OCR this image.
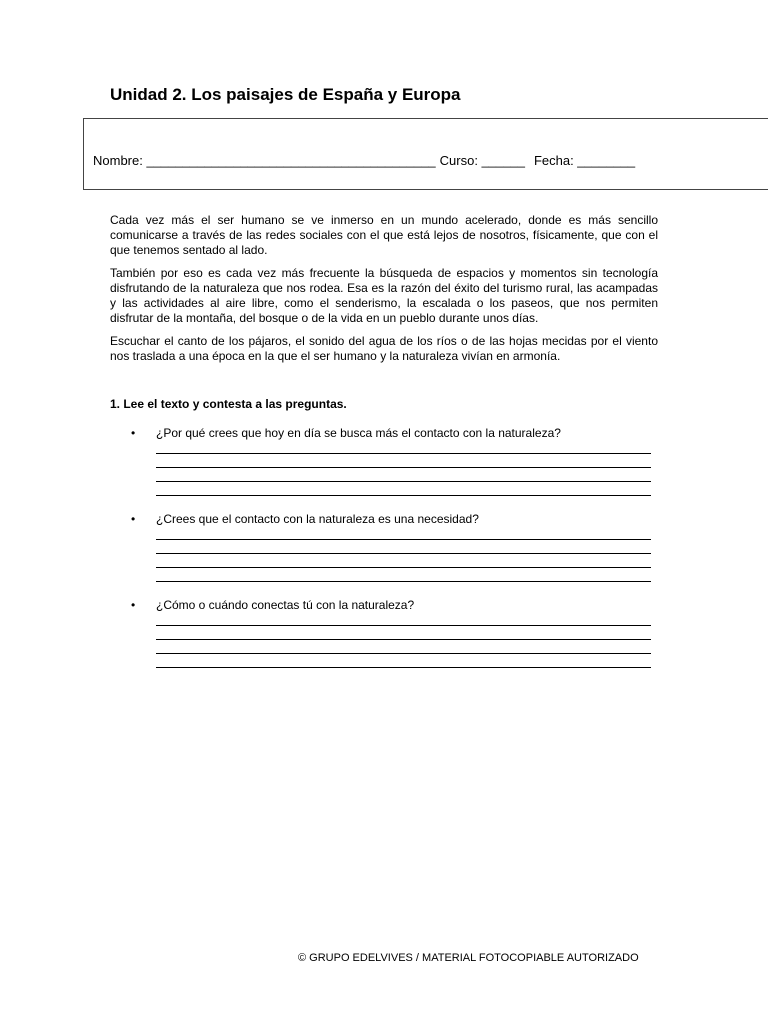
Unidad 2. Los paisajes de España y Europa
Nombre: ________________________________________ Curso: ______ Fecha: ________

Cada vez más el ser humano se ve inmerso en un mundo acelerado, donde es más sencillo comunicarse a través de las redes sociales con el que está lejos de nosotros, físicamente, que con el que tenemos sentado al lado.

También por eso es cada vez más frecuente la búsqueda de espacios y momentos sin tecnología disfrutando de la naturaleza que nos rodea. Esa es la razón del éxito del turismo rural, las acampadas y las actividades al aire libre, como el senderismo, la escalada o los paseos, que nos permiten disfrutar de la montaña, del bosque o de la vida en un pueblo durante unos días.

Escuchar el canto de los pájaros, el sonido del agua de los ríos o de las hojas mecidas por el viento nos traslada a una época en la que el ser humano y la naturaleza vivían en armonía.

1. Lee el texto y contesta a las preguntas.
• ¿Por qué crees que hoy en día se busca más el contacto con la naturaleza?
• ¿Crees que el contacto con la naturaleza es una necesidad?
• ¿Cómo o cuándo conectas tú con la naturaleza?
© GRUPO EDELVIVES / MATERIAL FOTOCOPIABLE AUTORIZADO
